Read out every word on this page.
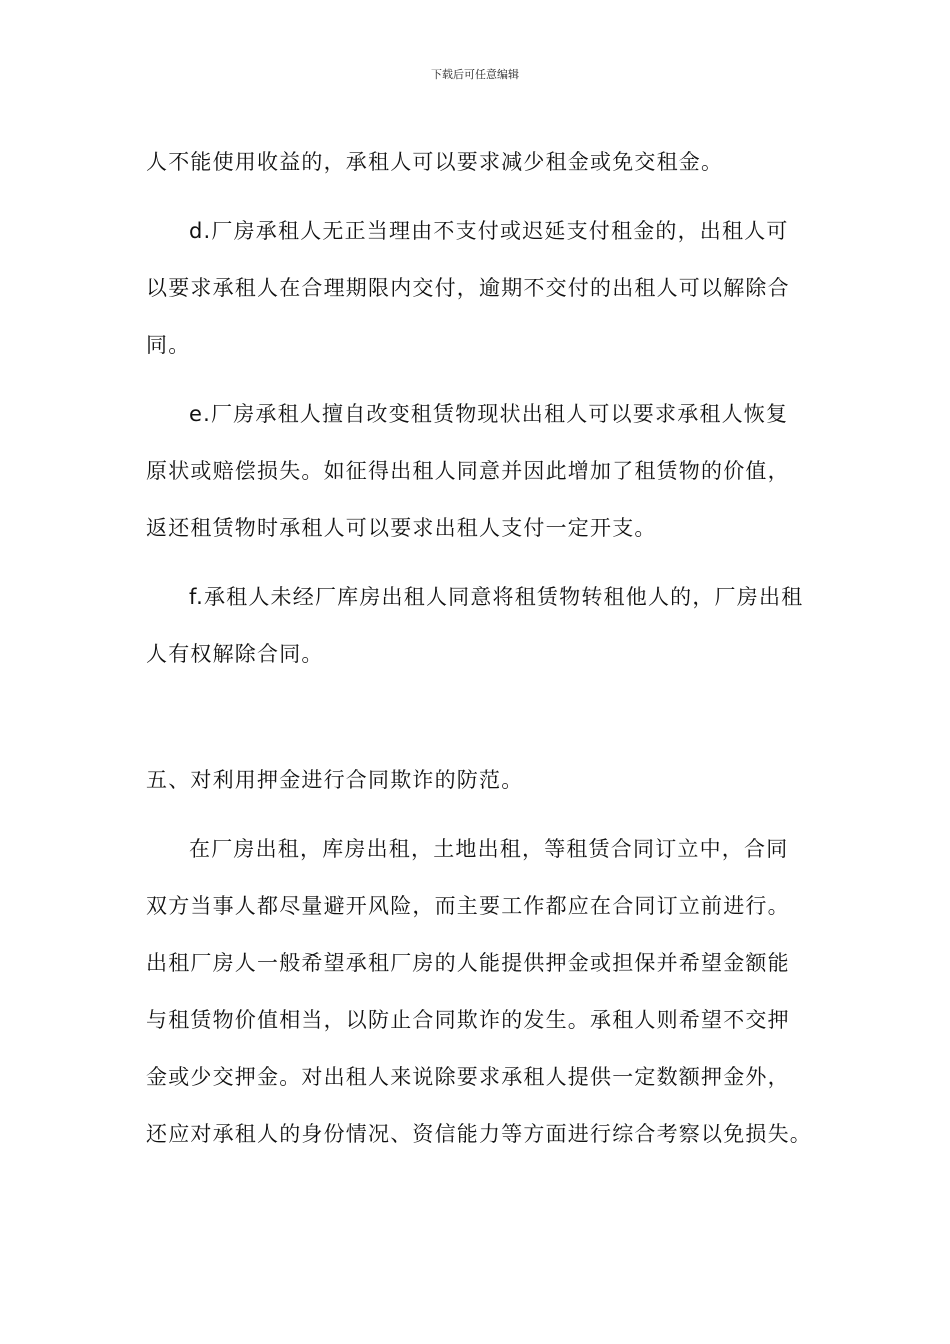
下载后可任意编辑

人不能使用收益的，承租人可以要求减少租金或免交租金。

d.厂房承租人无正当理由不支付或迟延支付租金的，出租人可
以要求承租人在合理期限内交付，逾期不交付的出租人可以解除合
同。

e.厂房承租人擅自改变租赁物现状出租人可以要求承租人恢复
原状或赔偿损失。如征得出租人同意并因此增加了租赁物的价值，
返还租赁物时承租人可以要求出租人支付一定开支。

f.承租人未经厂库房出租人同意将租赁物转租他人的，厂房出租
人有权解除合同。

五、对利用押金进行合同欺诈的防范。

在厂房出租，库房出租，土地出租，等租赁合同订立中，合同
双方当事人都尽量避开风险，而主要工作都应在合同订立前进行。
出租厂房人一般希望承租厂房的人能提供押金或担保并希望金额能
与租赁物价值相当，以防止合同欺诈的发生。承租人则希望不交押
金或少交押金。对出租人来说除要求承租人提供一定数额押金外，
还应对承租人的身份情况、资信能力等方面进行综合考察以免损失。
